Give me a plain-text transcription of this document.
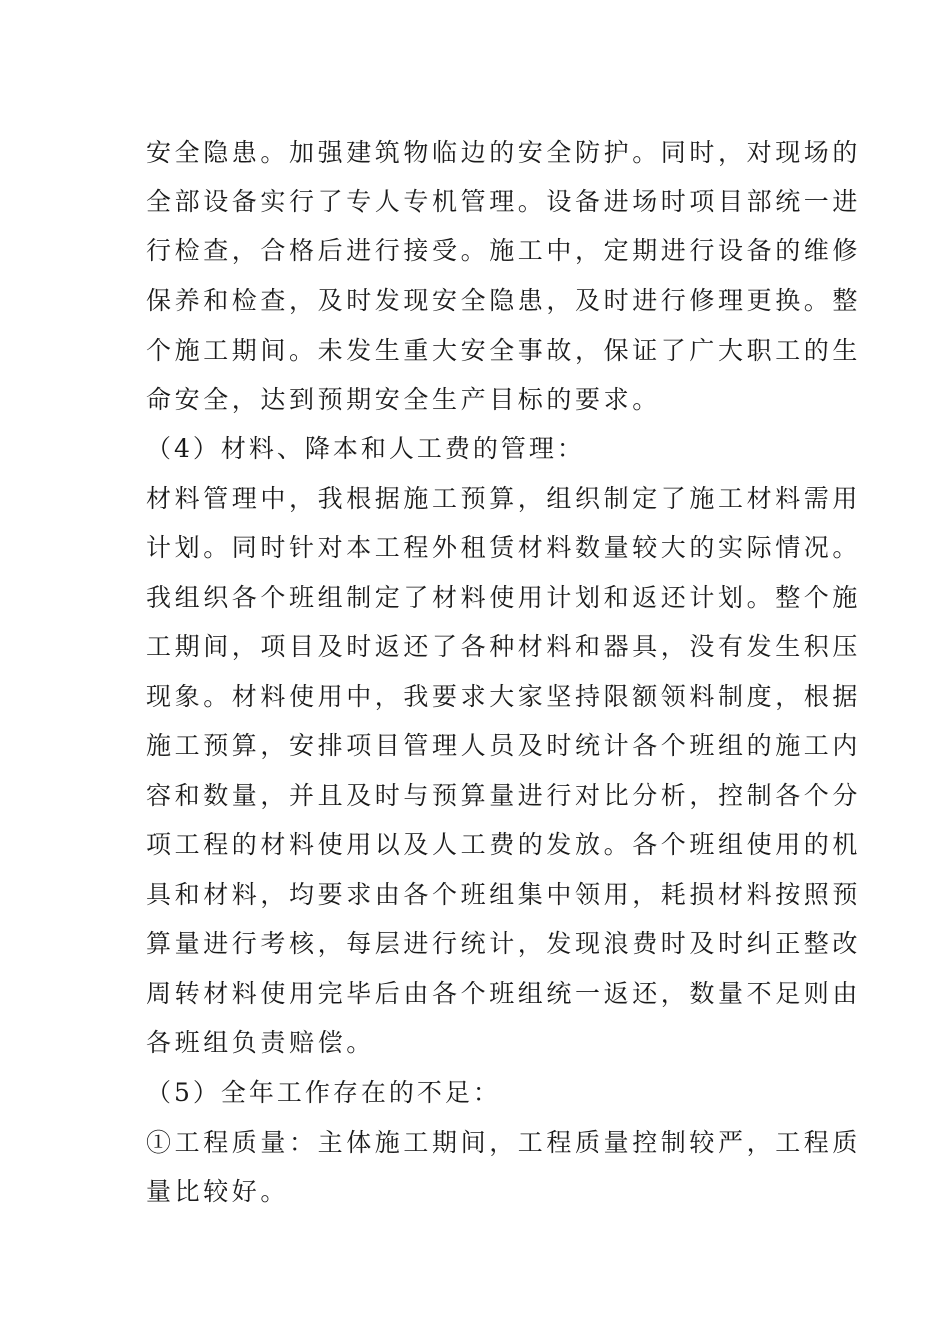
安全隐患。加强建筑物临边的安全防护。同时，对现场的
全部设备实行了专人专机管理。设备进场时项目部统一进
行检查，合格后进行接受。施工中，定期进行设备的维修
保养和检查，及时发现安全隐患，及时进行修理更换。整
个施工期间。未发生重大安全事故，保证了广大职工的生
命安全，达到预期安全生产目标的要求。
（4）材料、降本和人工费的管理：
材料管理中，我根据施工预算，组织制定了施工材料需用
计划。同时针对本工程外租赁材料数量较大的实际情况。
我组织各个班组制定了材料使用计划和返还计划。整个施
工期间，项目及时返还了各种材料和器具，没有发生积压
现象。材料使用中，我要求大家坚持限额领料制度，根据
施工预算，安排项目管理人员及时统计各个班组的施工内
容和数量，并且及时与预算量进行对比分析，控制各个分
项工程的材料使用以及人工费的发放。各个班组使用的机
具和材料，均要求由各个班组集中领用，耗损材料按照预
算量进行考核，每层进行统计，发现浪费时及时纠正整改
周转材料使用完毕后由各个班组统一返还，数量不足则由
各班组负责赔偿。
（5）全年工作存在的不足：
①工程质量：主体施工期间，工程质量控制较严，工程质
量比较好。
